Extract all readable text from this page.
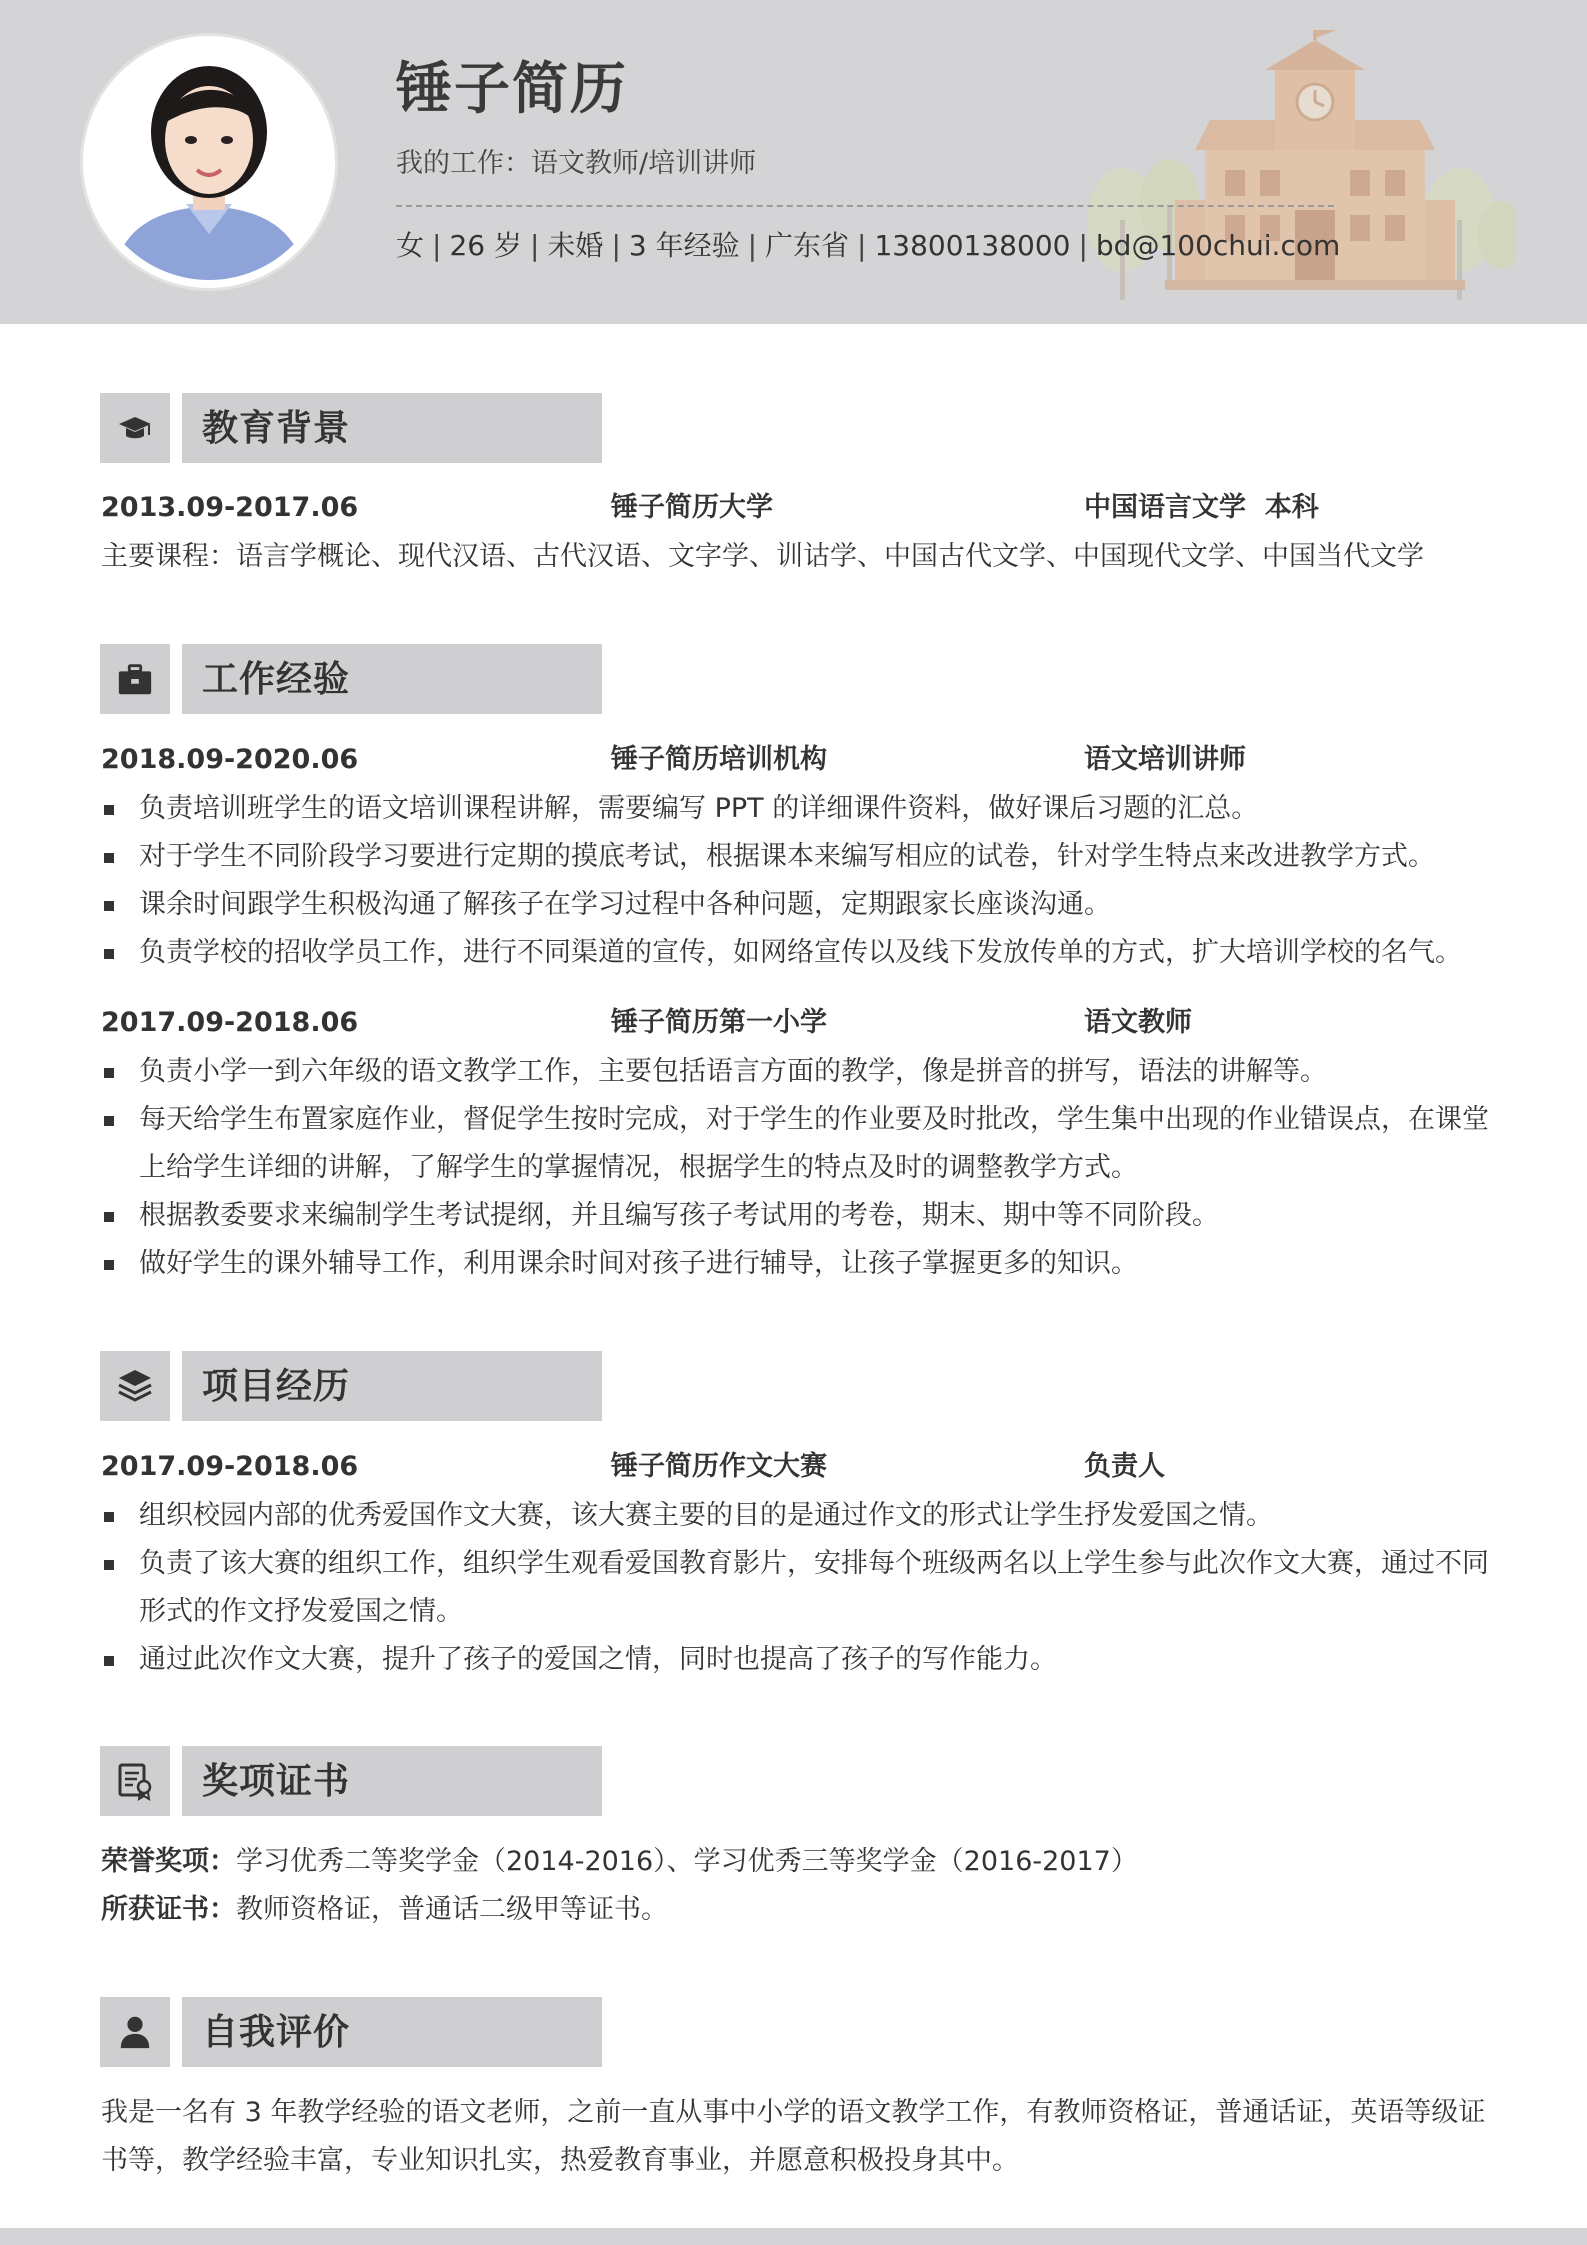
锤子简历
我的工作：语文教师/培训讲师
女 | 26 岁 | 未婚 | 3 年经验 | 广东省 | 13800138000 | bd@100chui.com
教育背景
2013.09-2017.06	锤子简历大学	中国语言文学  本科
主要课程：语言学概论、现代汉语、古代汉语、文字学、训诂学、中国古代文学、中国现代文学、中国当代文学
工作经验
2018.09-2020.06	锤子简历培训机构	语文培训讲师
负责培训班学生的语文培训课程讲解，需要编写 PPT 的详细课件资料，做好课后习题的汇总。
对于学生不同阶段学习要进行定期的摸底考试，根据课本来编写相应的试卷，针对学生特点来改进教学方式。
课余时间跟学生积极沟通了解孩子在学习过程中各种问题，定期跟家长座谈沟通。
负责学校的招收学员工作，进行不同渠道的宣传，如网络宣传以及线下发放传单的方式，扩大培训学校的名气。
2017.09-2018.06	锤子简历第一小学	语文教师
负责小学一到六年级的语文教学工作，主要包括语言方面的教学，像是拼音的拼写，语法的讲解等。
每天给学生布置家庭作业，督促学生按时完成，对于学生的作业要及时批改，学生集中出现的作业错误点，在课堂上给学生详细的讲解，了解学生的掌握情况，根据学生的特点及时的调整教学方式。
根据教委要求来编制学生考试提纲，并且编写孩子考试用的考卷，期末、期中等不同阶段。
做好学生的课外辅导工作，利用课余时间对孩子进行辅导，让孩子掌握更多的知识。
项目经历
2017.09-2018.06	锤子简历作文大赛	负责人
组织校园内部的优秀爱国作文大赛，该大赛主要的目的是通过作文的形式让学生抒发爱国之情。
负责了该大赛的组织工作，组织学生观看爱国教育影片，安排每个班级两名以上学生参与此次作文大赛，通过不同形式的作文抒发爱国之情。
通过此次作文大赛，提升了孩子的爱国之情，同时也提高了孩子的写作能力。
奖项证书
荣誉奖项：学习优秀二等奖学金（2014-2016）、学习优秀三等奖学金（2016-2017）
所获证书：教师资格证，普通话二级甲等证书。
自我评价
我是一名有 3 年教学经验的语文老师，之前一直从事中小学的语文教学工作，有教师资格证，普通话证，英语等级证书等，教学经验丰富，专业知识扎实，热爱教育事业，并愿意积极投身其中。
